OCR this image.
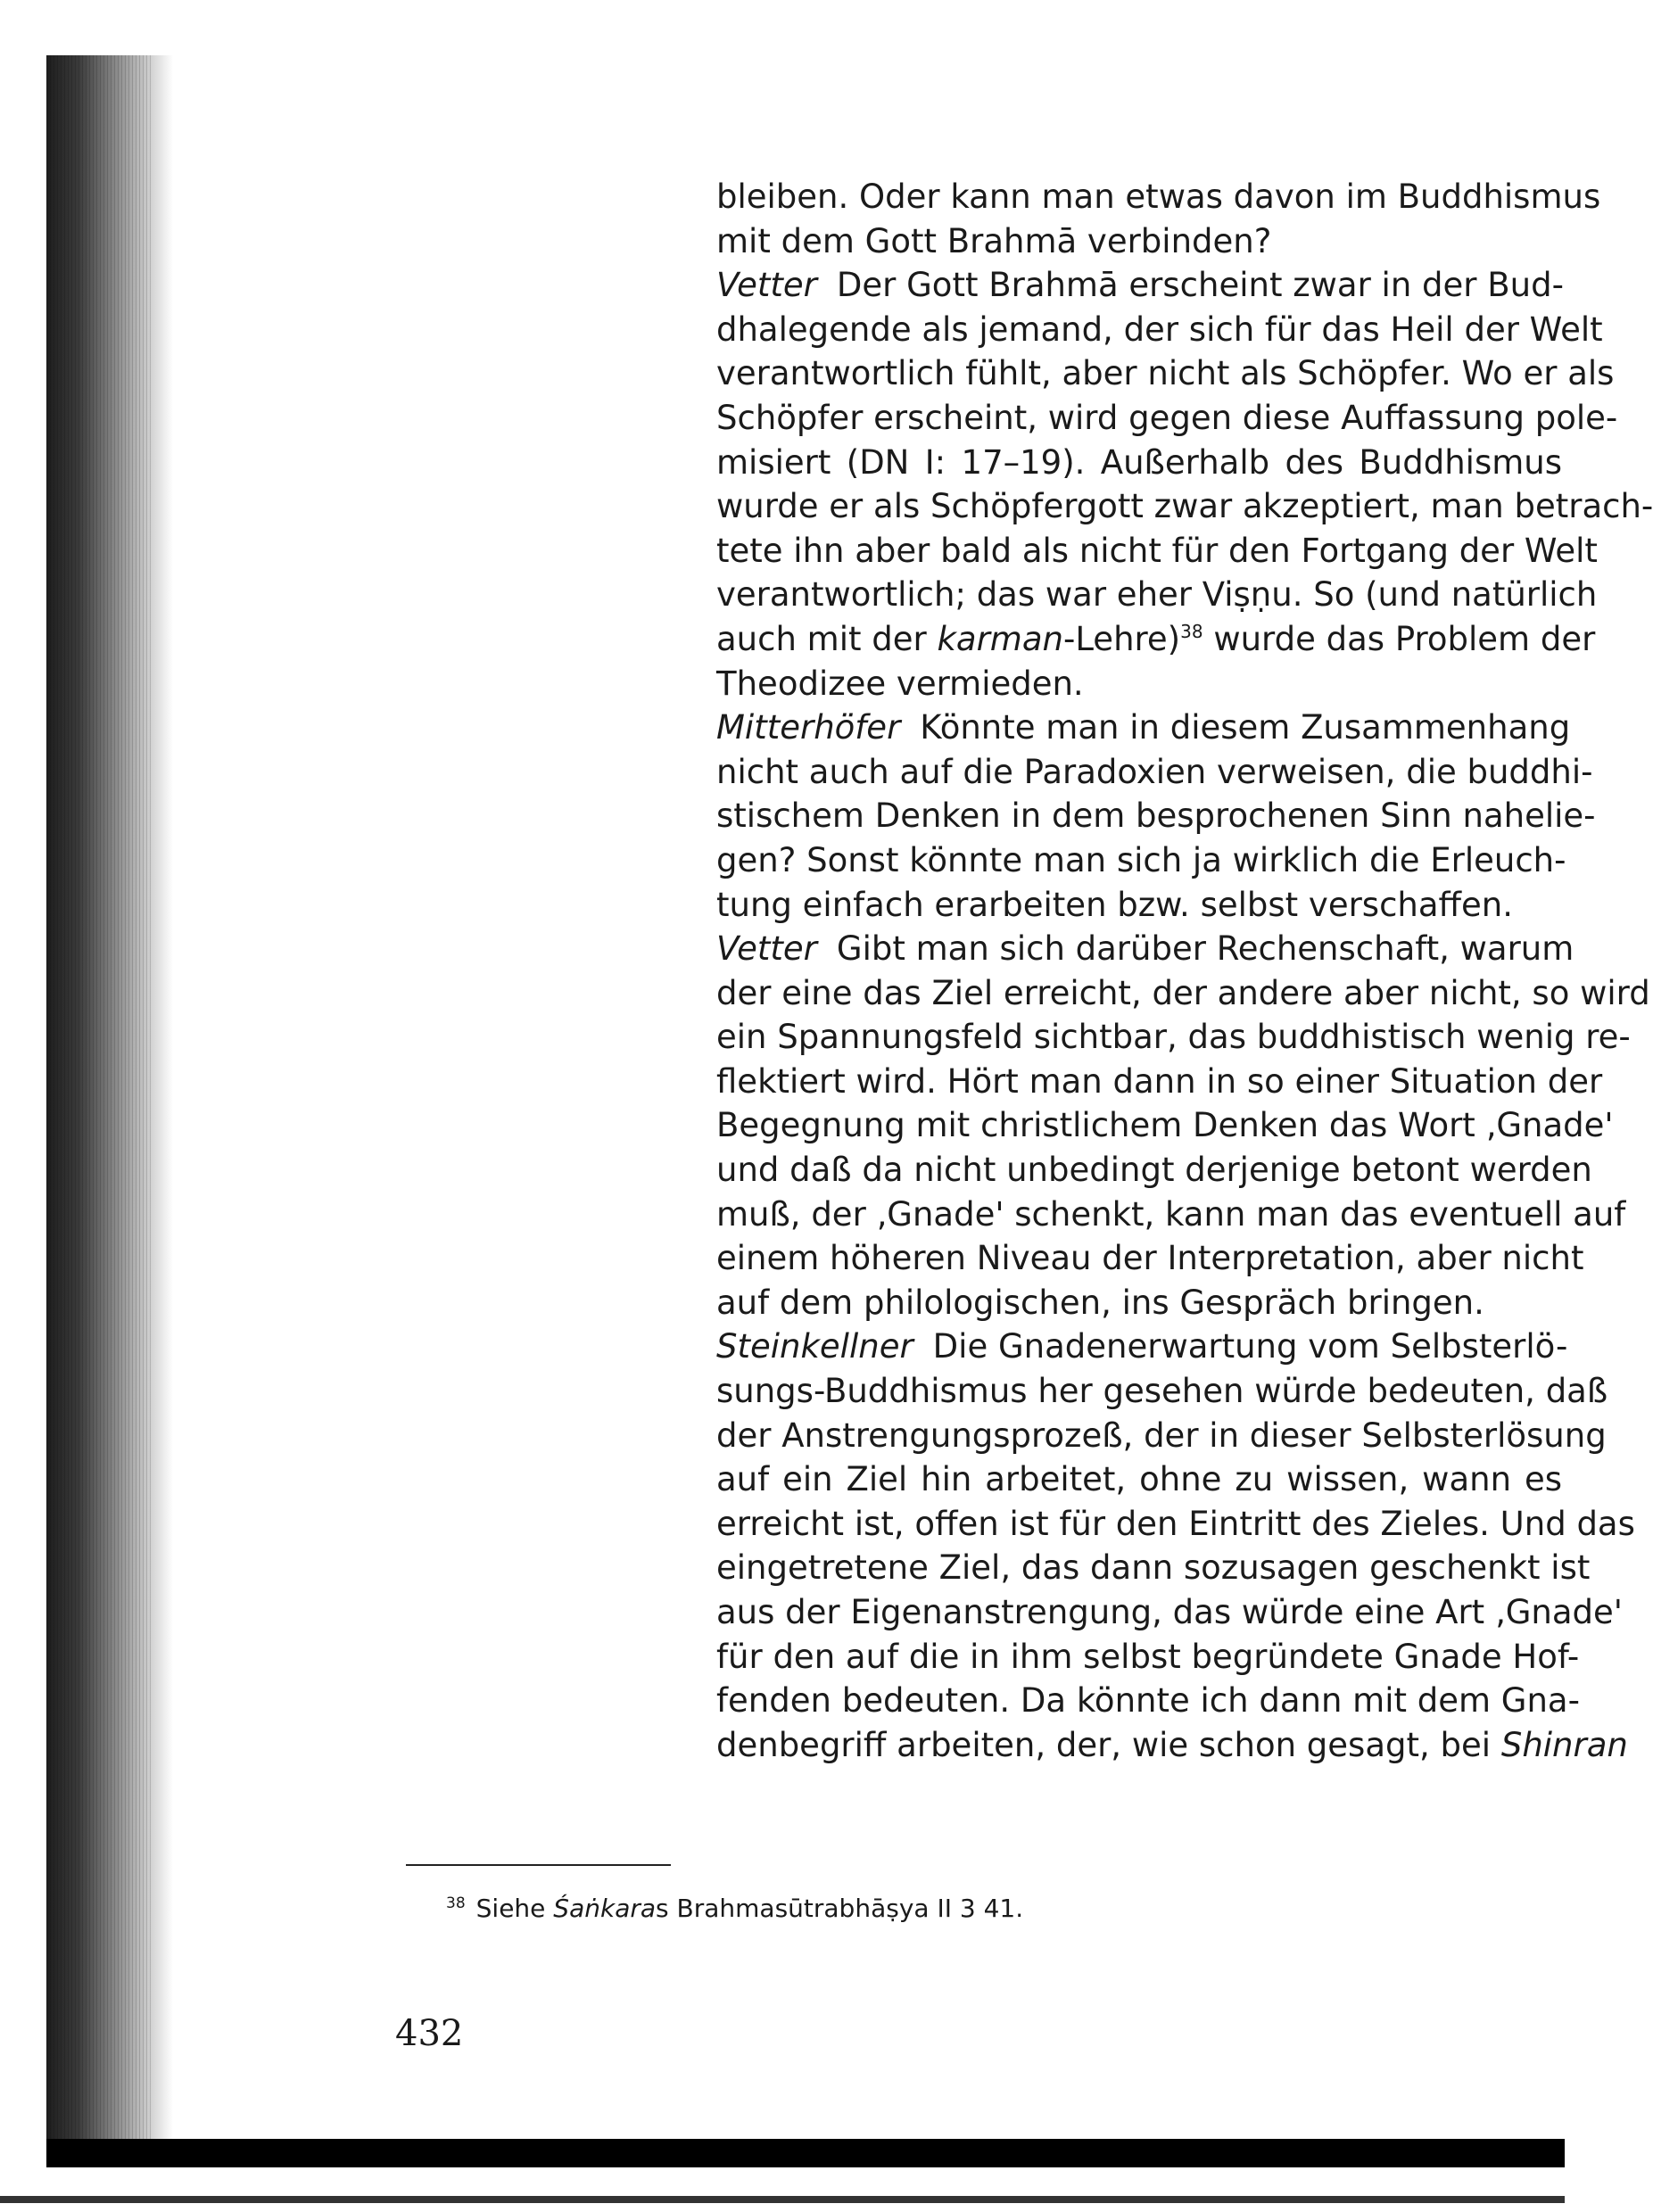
bleiben. Oder kann man etwas davon im Buddhismus
mit dem Gott Brahmā verbinden?
Vetter Der Gott Brahmā erscheint zwar in der Bud-
dhalegende als jemand, der sich für das Heil der Welt
verantwortlich fühlt, aber nicht als Schöpfer. Wo er als
Schöpfer erscheint, wird gegen diese Auffassung pole-
misiert (DN I: 17–19). Außerhalb des Buddhismus
wurde er als Schöpfergott zwar akzeptiert, man betrach-
tete ihn aber bald als nicht für den Fortgang der Welt
verantwortlich; das war eher Viṣṇu. So (und natürlich
auch mit der karman-Lehre)$^{38}$ wurde das Problem der
Theodizee vermieden.
Mitterhöfer Könnte man in diesem Zusammenhang
nicht auch auf die Paradoxien verweisen, die buddhi-
stischem Denken in dem besprochenen Sinn nahelie-
gen? Sonst könnte man sich ja wirklich die Erleuch-
tung einfach erarbeiten bzw. selbst verschaffen.
Vetter Gibt man sich darüber Rechenschaft, warum
der eine das Ziel erreicht, der andere aber nicht, so wird
ein Spannungsfeld sichtbar, das buddhistisch wenig re-
flektiert wird. Hört man dann in so einer Situation der
Begegnung mit christlichem Denken das Wort ‚Gnade'
und daß da nicht unbedingt derjenige betont werden
muß, der ‚Gnade' schenkt, kann man das eventuell auf
einem höheren Niveau der Interpretation, aber nicht
auf dem philologischen, ins Gespräch bringen.
Steinkellner Die Gnadenerwartung vom Selbsterlö-
sungs-Buddhismus her gesehen würde bedeuten, daß
der Anstrengungsprozeß, der in dieser Selbsterlösung
auf ein Ziel hin arbeitet, ohne zu wissen, wann es
erreicht ist, offen ist für den Eintritt des Zieles. Und das
eingetretene Ziel, das dann sozusagen geschenkt ist
aus der Eigenanstrengung, das würde eine Art ‚Gnade'
für den auf die in ihm selbst begründete Gnade Hof-
fenden bedeuten. Da könnte ich dann mit dem Gna-
denbegriff arbeiten, der, wie schon gesagt, bei Shinran
$^{38}$ Siehe Śaṅkaras Brahmasūtrabhāṣya II 3 41.
432
